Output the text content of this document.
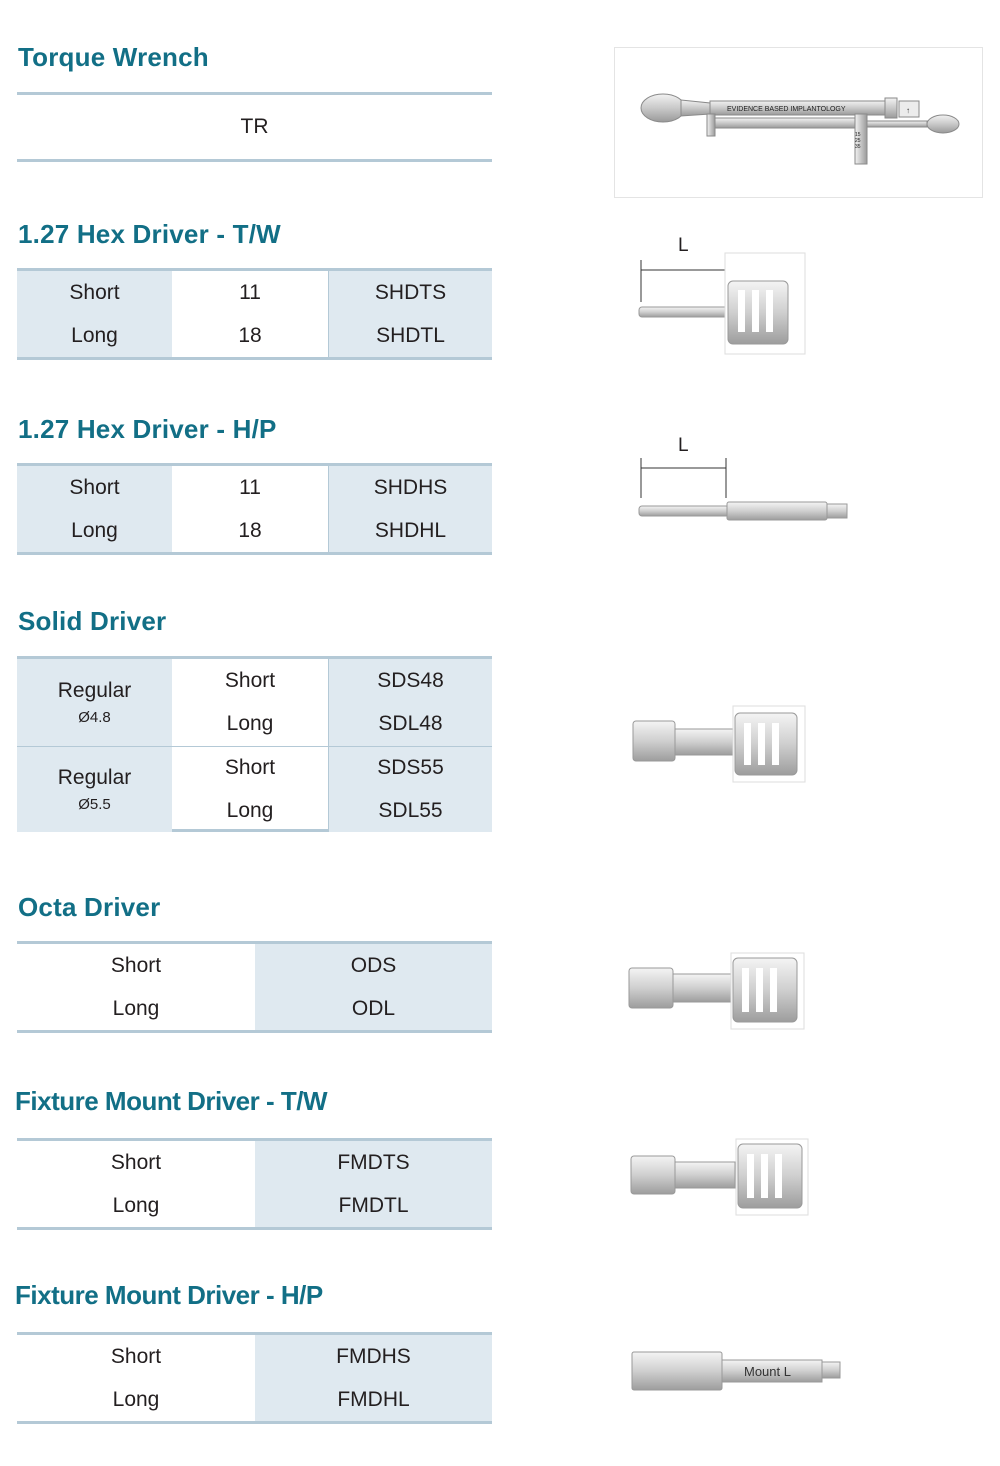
Torque Wrench
TR
↑
EVIDENCE BASED IMPLANTOLOGY
15
25
35
1.27 Hex Driver - T/W
Short
Long
11
18
SHDTS
SHDTL
L
1.27 Hex Driver - H/P
Short
Long
11
18
SHDHS
SHDHL
L
Solid Driver
Regular
Ø4.8
Short
Long
SDS48
SDL48
Regular
Ø5.5
Short
Long
SDS55
SDL55
Octa Driver
Short
Long
ODS
ODL
Fixture Mount Driver - T/W
Short
Long
FMDTS
FMDTL
Fixture Mount Driver - H/P
Short
Long
FMDHS
FMDHL
Mount L
